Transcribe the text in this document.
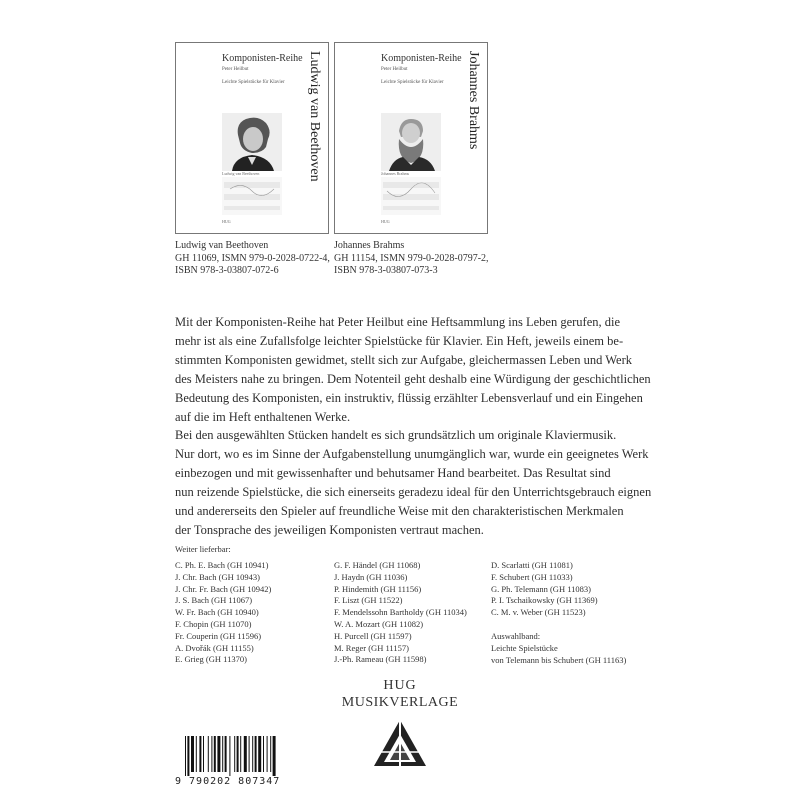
Komponisten-Reihe
Peter Heilbut
Leichte Spielstücke für Klavier Ludwig van Beethoven
Ludwig van Beethoven
HUG
Komponisten-Reihe
Peter Heilbut
Leichte Spielstücke für Klavier Johannes Brahms
Johannes Brahms
HUG
Ludwig van Beethoven
GH 11069, ISMN 979-0-2028-0722-4,
ISBN 978-3-03807-072-6
Johannes Brahms
GH 11154, ISMN 979-0-2028-0797-2,
ISBN 978-3-03807-073-3
Mit der Komponisten-Reihe hat Peter Heilbut eine Heftsammlung ins Leben gerufen, die
mehr ist als eine Zufallsfolge leichter Spielstücke für Klavier. Ein Heft, jeweils einem be-
stimmten Komponisten gewidmet, stellt sich zur Aufgabe, gleichermassen Leben und Werk
des Meisters nahe zu bringen. Dem Notenteil geht deshalb eine Würdigung der geschichtlichen
Bedeutung des Komponisten, ein instruktiv, flüssig erzählter Lebensverlauf und ein Eingehen
auf die im Heft enthaltenen Werke.
Bei den ausgewählten Stücken handelt es sich grundsätzlich um originale Klaviermusik.
Nur dort, wo es im Sinne der Aufgabenstellung unumgänglich war, wurde ein geeignetes Werk
einbezogen und mit gewissenhafter und behutsamer Hand bearbeitet. Das Resultat sind
nun reizende Spielstücke, die sich einerseits geradezu ideal für den Unterrichtsgebrauch eignen
und andererseits den Spieler auf freundliche Weise mit den charakteristischen Merkmalen
der Tonsprache des jeweiligen Komponisten vertraut machen.
Weiter lieferbar:
C. Ph. E. Bach (GH 10941)
J. Chr. Bach (GH 10943)
J. Chr. Fr. Bach (GH 10942)
J. S. Bach (GH 11067)
W. Fr. Bach (GH 10940)
F. Chopin (GH 11070)
Fr. Couperin (GH 11596)
A. Dvořák (GH 11155)
E. Grieg (GH 11370)
G. F. Händel (GH 11068)
J. Haydn (GH 11036)
P. Hindemith (GH 11156)
F. Liszt (GH 11522)
F. Mendelssohn Bartholdy (GH 11034)
W. A. Mozart (GH 11082)
H. Purcell (GH 11597)
M. Reger (GH 11157)
J.-Ph. Rameau (GH 11598)
D. Scarlatti (GH 11081)
F. Schubert (GH 11033)
G. Ph. Telemann (GH 11083)
P. I. Tschaikowsky (GH 11369)
C. M. v. Weber (GH 11523)
Auswahlband:
Leichte Spielstücke
von Telemann bis Schubert (GH 11163)
HUG
MUSIKVERLAGE
9 790202 807347
